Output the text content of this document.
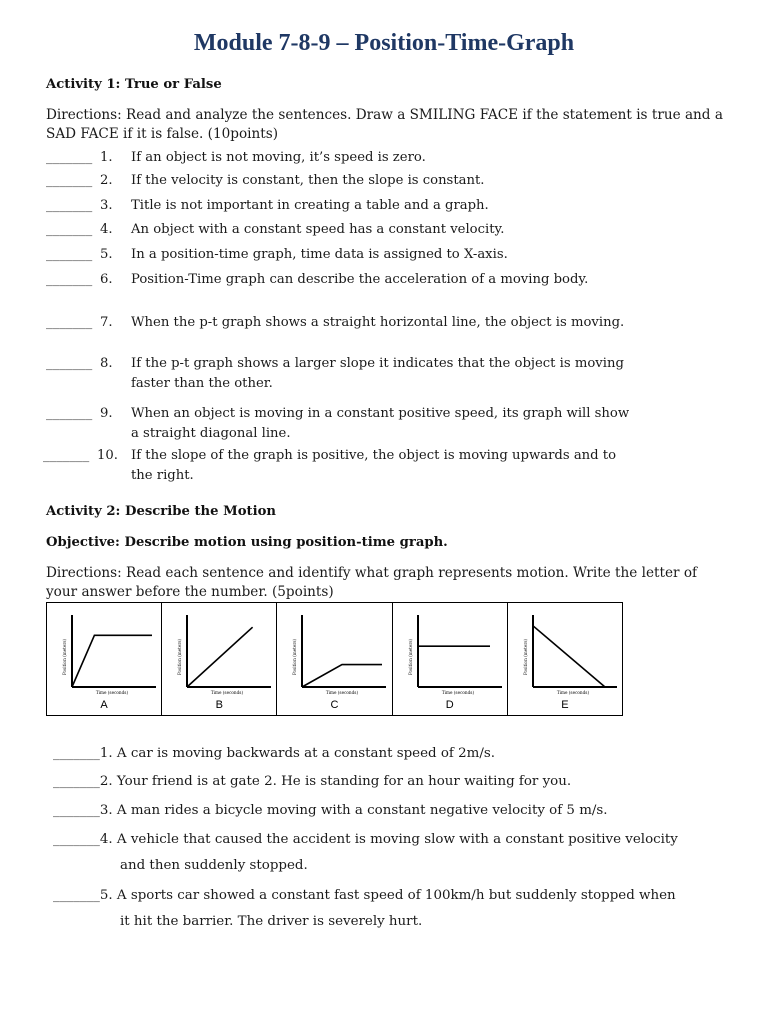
Module 7-8-9 – Position-Time-Graph
Activity 1: True or False
Directions: Read and analyze the sentences. Draw a SMILING FACE if the statement is true and a SAD FACE if it is false. (10points)
_______ 1. If an object is not moving, it’s speed is zero.
_______ 2. If the velocity is constant, then the slope is constant.
_______ 3. Title is not important in creating a table and a graph.
_______ 4. An object with a constant speed has a constant velocity.
_______ 5. In a position-time graph, time data is assigned to X-axis.
_______ 6. Position-Time graph can describe the acceleration of a moving body.
_______ 7. When the p-t graph shows a straight horizontal line, the object is moving.
_______ 8. If the p-t graph shows a larger slope it indicates that the object is moving faster than the other.
_______ 9. When an object is moving in a constant positive speed, its graph will show a straight diagonal line.
_______ 10. If the slope of the graph is positive, the object is moving upwards and to the right.
Activity 2: Describe the Motion
Objective: Describe motion using position-time graph.
Directions: Read each sentence and identify what graph represents motion. Write the letter of your answer before the number. (5points)
Position (meters)
Time (seconds)
A
Position (meters)
Time (seconds)
B
Position (meters)
Time (seconds)
C
Position (meters)
Time (seconds)
D
Position (meters)
Time (seconds)
E
_______1. A car is moving backwards at a constant speed of 2m/s.
_______2. Your friend is at gate 2. He is standing for an hour waiting for you.
_______3. A man rides a bicycle moving with a constant negative velocity of 5 m/s.
_______4. A vehicle that caused the accident is moving slow with a constant positive velocity and then suddenly stopped.
_______5. A sports car showed a constant fast speed of 100km/h but suddenly stopped when it hit the barrier. The driver is severely hurt.
